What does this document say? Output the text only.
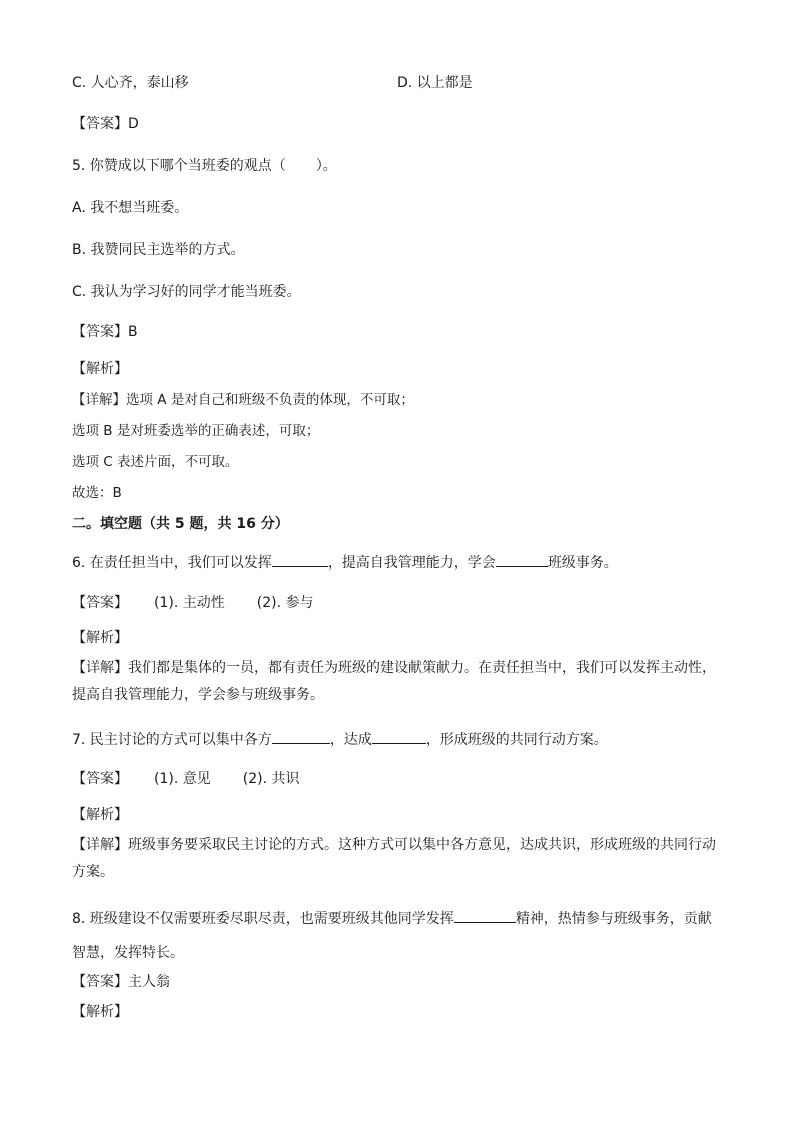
C. 人心齐，泰山移	D. 以上都是
【答案】D
5. 你赞成以下哪个当班委的观点（ ）。
A. 我不想当班委。
B. 我赞同民主选举的方式。
C. 我认为学习好的同学才能当班委。
【答案】B
【解析】
【详解】选项 A 是对自己和班级不负责的体现，不可取；
选项 B 是对班委选举的正确表述，可取；
选项 C 表述片面，不可取。
故选：B
二。填空题（共 5 题，共 16 分）
6. 在责任担当中，我们可以发挥	，提高自我管理能力，学会	班级事务。
【答案】 (1). 主动性 (2). 参与
【解析】
【详解】我们都是集体的一员，都有责任为班级的建设献策献力。在责任担当中，我们可以发挥主动性，提高自我管理能力，学会参与班级事务。
7. 民主讨论的方式可以集中各方	，达成	，形成班级的共同行动方案。
【答案】 (1). 意见 (2). 共识
【解析】
【详解】班级事务要采取民主讨论的方式。这种方式可以集中各方意见，达成共识，形成班级的共同行动方案。
8. 班级建设不仅需要班委尽职尽责，也需要班级其他同学发挥	精神，热情参与班级事务，贡献智慧，发挥特长。
【答案】主人翁
【解析】
